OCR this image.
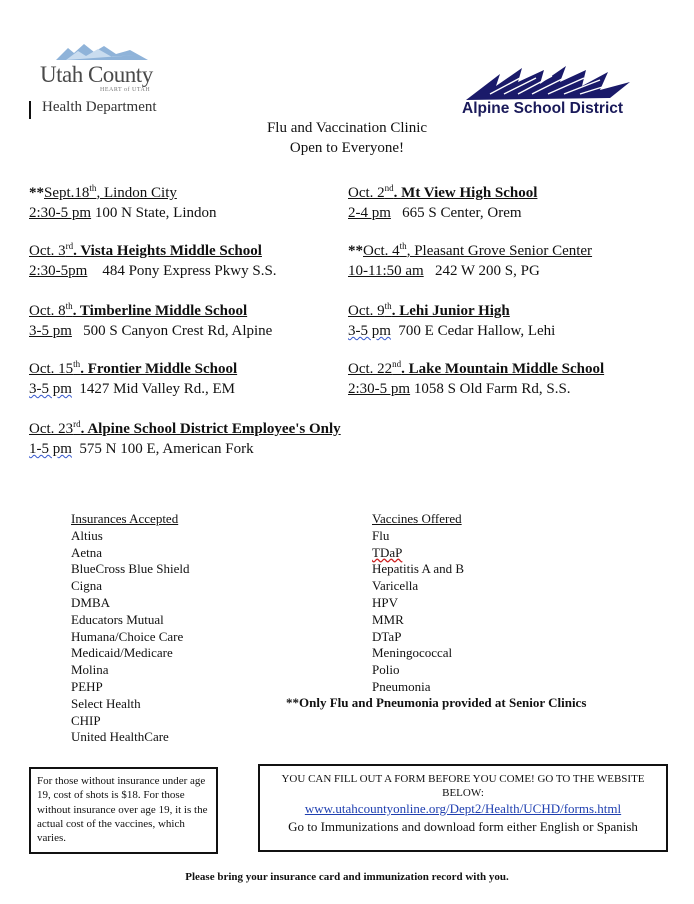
Utah County
HEART of UTAH
Health Department	Alpine School District
Flu and Vaccination Clinic
Open to Everyone!
**Sept.18th, Lindon City
2:30-5 pm 100 N State, Lindon
Oct. 2nd. Mt View High School
2-4 pm   665 S Center, Orem
Oct. 3rd. Vista Heights Middle School
2:30-5pm    484 Pony Express Pkwy S.S.
**Oct. 4th, Pleasant Grove Senior Center
10-11:50 am   242 W 200 S, PG
Oct. 8th. Timberline Middle School
3-5 pm   500 S Canyon Crest Rd, Alpine
Oct. 9th. Lehi Junior High
3-5 pm  700 E Cedar Hallow, Lehi
Oct. 15th. Frontier Middle School
3-5 pm  1427 Mid Valley Rd., EM
Oct. 22nd. Lake Mountain Middle School
2:30-5 pm 1058 S Old Farm Rd, S.S.
Oct. 23rd. Alpine School District Employee's Only
1-5 pm  575 N 100 E, American Fork
Insurances Accepted
Altius
Aetna
BlueCross Blue Shield
Cigna
DMBA
Educators Mutual
Humana/Choice Care
Medicaid/Medicare
Molina
PEHP
Select Health
CHIP
United HealthCare
Vaccines Offered
Flu
TDaP
Hepatitis A and B
Varicella
HPV
MMR
DTaP
Meningococcal
Polio
Pneumonia
**Only Flu and Pneumonia provided at Senior Clinics
For those without insurance under age 19, cost of shots is $18. For those without insurance over age 19, it is the actual cost of the vaccines, which varies.
YOU CAN FILL OUT A FORM BEFORE YOU COME! GO TO THE WEBSITE BELOW:
www.utahcountyonline.org/Dept2/Health/UCHD/forms.html
Go to Immunizations and download form either English or Spanish
Please bring your insurance card and immunization record with you.
